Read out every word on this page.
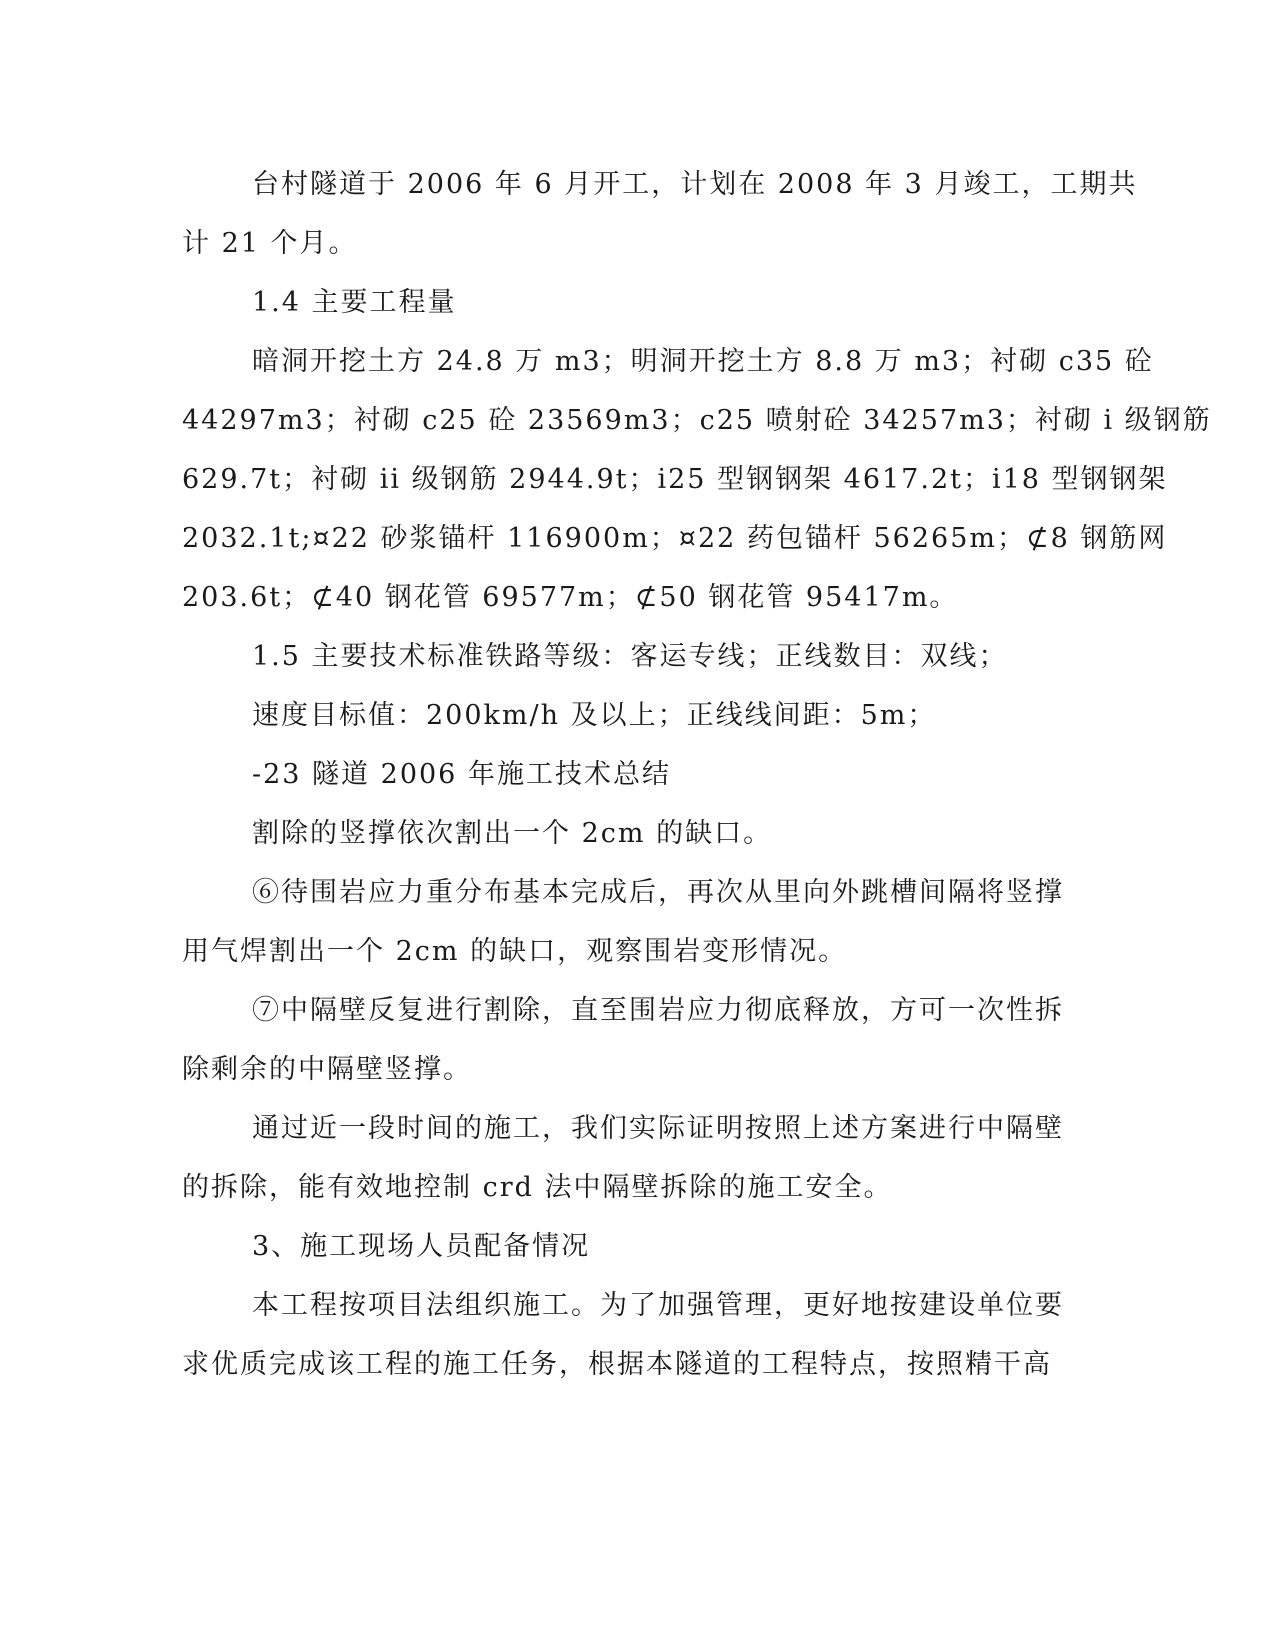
台村隧道于 2006 年 6 月开工，计划在 2008 年 3 月竣工，工期共
计 21 个月。
1.4 主要工程量
暗洞开挖土方 24.8 万 m3；明洞开挖土方 8.8 万 m3；衬砌 c35 砼
44297m3；衬砌 c25 砼 23569m3；c25 喷射砼 34257m3；衬砌 i 级钢筋
629.7t；衬砌 ii 级钢筋 2944.9t；i25 型钢钢架 4617.2t；i18 型钢钢架
2032.1t;¤22 砂浆锚杆 116900m；¤22 药包锚杆 56265m；⊄8 钢筋网
203.6t；⊄40 钢花管 69577m；⊄50 钢花管 95417m。
1.5 主要技术标准铁路等级：客运专线；正线数目：双线；
速度目标值：200km/h 及以上；正线线间距：5m；
-23 隧道 2006 年施工技术总结
割除的竖撑依次割出一个 2cm 的缺口。
⑥待围岩应力重分布基本完成后，再次从里向外跳槽间隔将竖撑
用气焊割出一个 2cm 的缺口，观察围岩变形情况。
⑦中隔壁反复进行割除，直至围岩应力彻底释放，方可一次性拆
除剩余的中隔壁竖撑。
通过近一段时间的施工，我们实际证明按照上述方案进行中隔壁
的拆除，能有效地控制 crd 法中隔壁拆除的施工安全。
3、施工现场人员配备情况
本工程按项目法组织施工。为了加强管理，更好地按建设单位要
求优质完成该工程的施工任务，根据本隧道的工程特点，按照精干高
